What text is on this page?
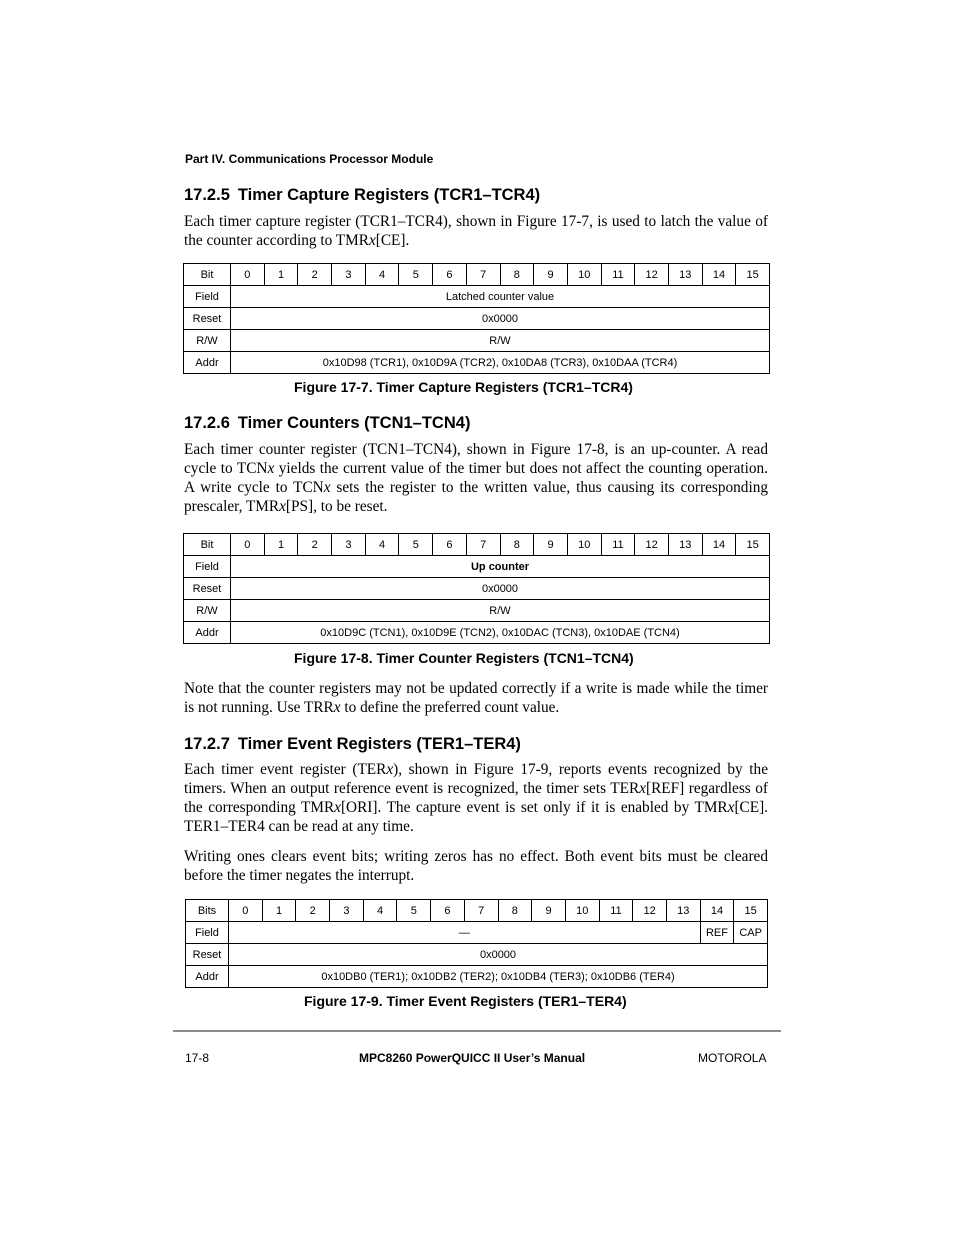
Part IV. Communications Processor Module
17.2.5 Timer Capture Registers (TCR1–TCR4)
Each timer capture register (TCR1–TCR4), shown in Figure 17-7, is used to latch the value of the counter according to TMRx[CE].
Bit	0	1	2	3	4	5	6	7	8	9	10	11	12	13	14	15
Field	Latched counter value															
Reset	0x0000															
R/W	R/W															
Addr	0x10D98 (TCR1), 0x10D9A (TCR2), 0x10DA8 (TCR3), 0x10DAA (TCR4)															
Figure 17-7. Timer Capture Registers (TCR1–TCR4)
17.2.6 Timer Counters (TCN1–TCN4)
Each timer counter register (TCN1–TCN4), shown in Figure 17-8, is an up-counter. A read cycle to TCNx yields the current value of the timer but does not affect the counting operation. A write cycle to TCNx sets the register to the written value, thus causing its corresponding prescaler, TMRx[PS], to be reset.
Bit	0	1	2	3	4	5	6	7	8	9	10	11	12	13	14	15
Field	Up counter															
Reset	0x0000															
R/W	R/W															
Addr	0x10D9C (TCN1), 0x10D9E (TCN2), 0x10DAC (TCN3), 0x10DAE (TCN4)															
Figure 17-8. Timer Counter Registers (TCN1–TCN4)
Note that the counter registers may not be updated correctly if a write is made while the timer is not running. Use TRRx to define the preferred count value.
17.2.7 Timer Event Registers (TER1–TER4)
Each timer event register (TERx), shown in Figure 17-9, reports events recognized by the timers. When an output reference event is recognized, the timer sets TERx[REF] regardless of the corresponding TMRx[ORI]. The capture event is set only if it is enabled by TMRx[CE]. TER1–TER4 can be read at any time.
Writing ones clears event bits; writing zeros has no effect. Both event bits must be cleared before the timer negates the interrupt.
Bits	0	1	2	3	4	5	6	7	8	9	10	11	12	13	14	15
Field	—														REF	CAP
Reset	0x0000															
Addr	0x10DB0 (TER1); 0x10DB2 (TER2); 0x10DB4 (TER3); 0x10DB6 (TER4)															
Figure 17-9. Timer Event Registers (TER1–TER4)
17-8	MPC8260 PowerQUICC II User’s Manual	MOTOROLA
